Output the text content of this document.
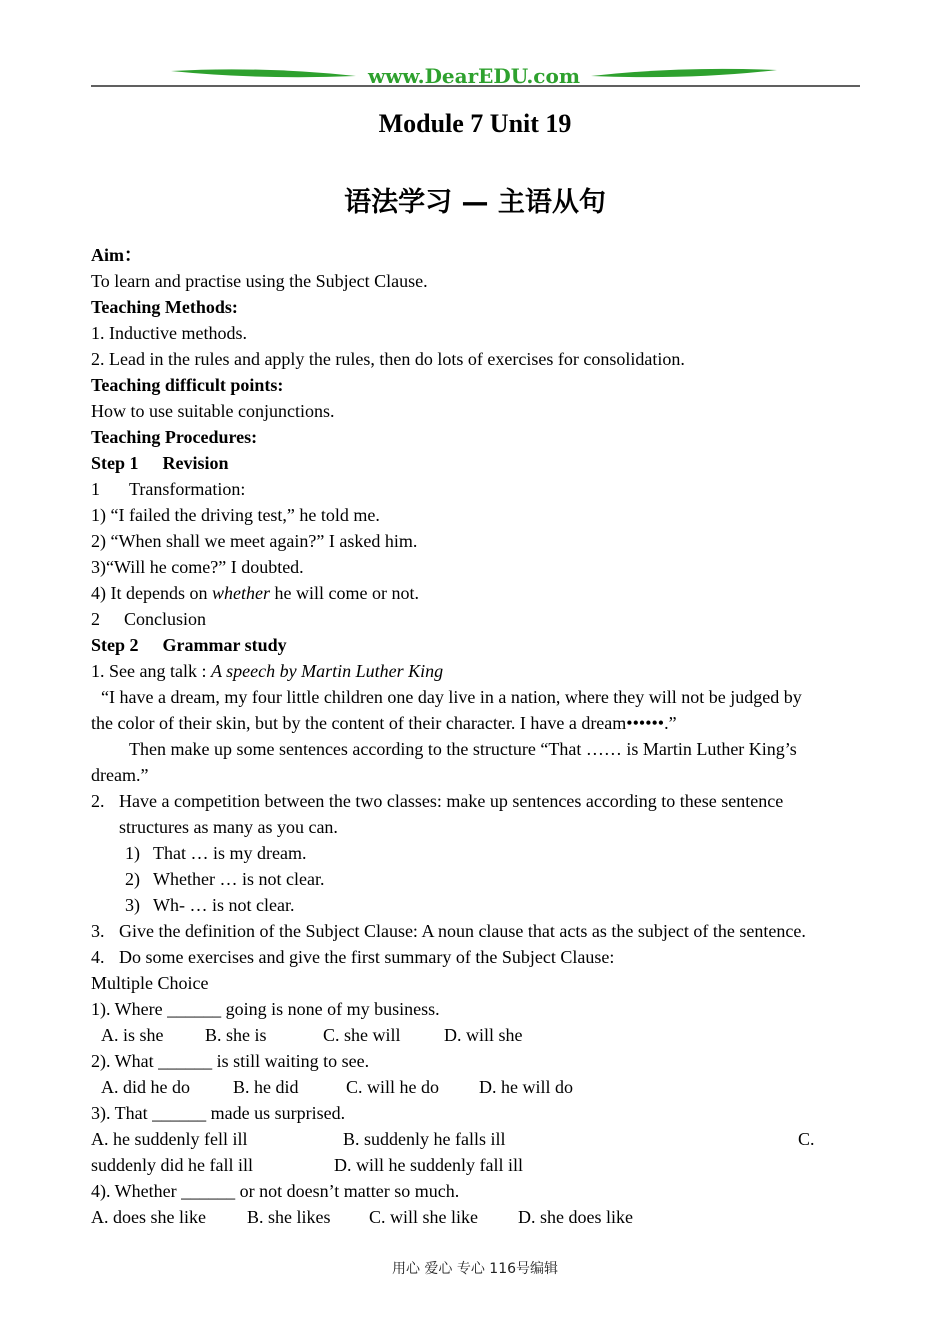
www.DearEDU.com
Module 7 Unit 19
语法学习 — 主语从句
Aim：
To learn and practise using the Subject Clause.
Teaching Methods:
1. Inductive methods.
2. Lead in the rules and apply the rules, then do lots of exercises for consolidation.
Teaching difficult points:
How to use suitable conjunctions.
Teaching Procedures:
Step 1 Revision
1 Transformation:
1) “I failed the driving test,” he told me.
2) “When shall we meet again?” I asked him.
3)“Will he come?” I doubted.
4) It depends on whether he will come or not.
2 Conclusion
Step 2 Grammar study
1. See ang talk : A speech by Martin Luther King
“I have a dream, my four little children one day live in a nation, where they will not be judged by
the color of their skin, but by the content of their character. I have a dream••••••.”
Then make up some sentences according to the structure “That …… is Martin Luther King’s
dream.”
2. Have a competition between the two classes: make up sentences according to these sentence
structures as many as you can.
1) That … is my dream.
2) Whether … is not clear.
3) Wh- … is not clear.
3. Give the definition of the Subject Clause: A noun clause that acts as the subject of the sentence.
4. Do some exercises and give the first summary of the Subject Clause:
Multiple Choice
1). Where ______ going is none of my business.
A. is she B. she is	C. she will D. will she
2). What ______ is still waiting to see.
A. did he do B. he did	C. will he do D. he will do
3). That ______ made us surprised.
A. he suddenly fell ill	B. suddenly he falls ill	C.
suddenly did he fall ill	D. will he suddenly fall ill
4). Whether ______ or not doesn’t matter so much.
A. does she like B. she likes C. will she like D. she does like
用心 爱心 专心 116号编辑
